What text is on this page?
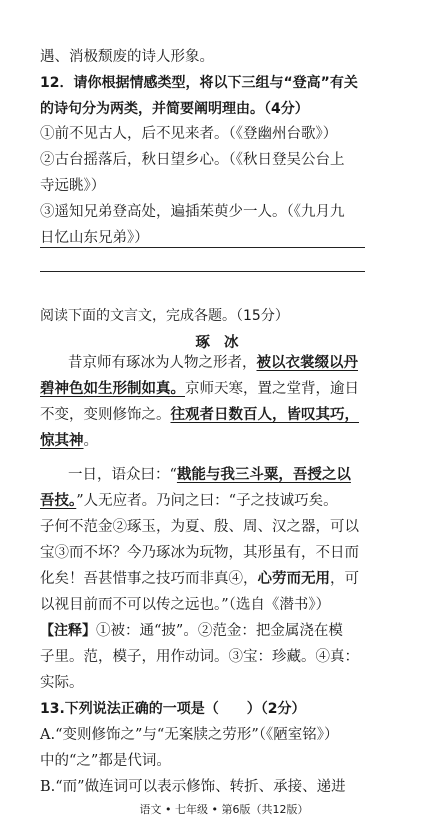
遇、消极颓废的诗人形象。
12．请你根据情感类型，将以下三组与“登高”有关
的诗句分为两类，并简要阐明理由。（4分）
①前不见古人，后不见来者。（《登幽州台歌》）
②古台摇落后，秋日望乡心。（《秋日登吴公台上
寺远眺》）
③遥知兄弟登高处，遍插茱萸少一人。（《九月九
日忆山东兄弟》）
阅读下面的文言文，完成各题。（15分）
琢冰
昔京师有琢冰为人物之形者，被以衣裳缀以丹
碧神色如生形制如真。京师天寒，置之堂背，逾日
不变，变则修饰之。往观者日数百人，皆叹其巧，
惊其神。
一日，语众曰：“戡能与我三斗粟，吾授之以
吾技。”人无应者。乃问之曰：“子之技诚巧矣。
子何不范金②琢玉，为夏、殷、周、汉之器，可以
宝③而不坏？今乃琢冰为玩物，其形虽有，不日而
化矣！吾甚惜事之技巧而非真④，心劳而无用，可
以视目前而不可以传之远也。”（选自《潜书》）
【注释】①被：通“披”。②范金：把金属浇在模
子里。范，模子，用作动词。③宝：珍藏。④真：
实际。
13.下列说法正确的一项是（　　）（2分）
A.“变则修饰之”与“无案牍之劳形”（《陋室铭》）
中的“之”都是代词。
B.“而”做连词可以表示修饰、转折、承接、递进
语文 • 七年级 • 第6版（共12版）
